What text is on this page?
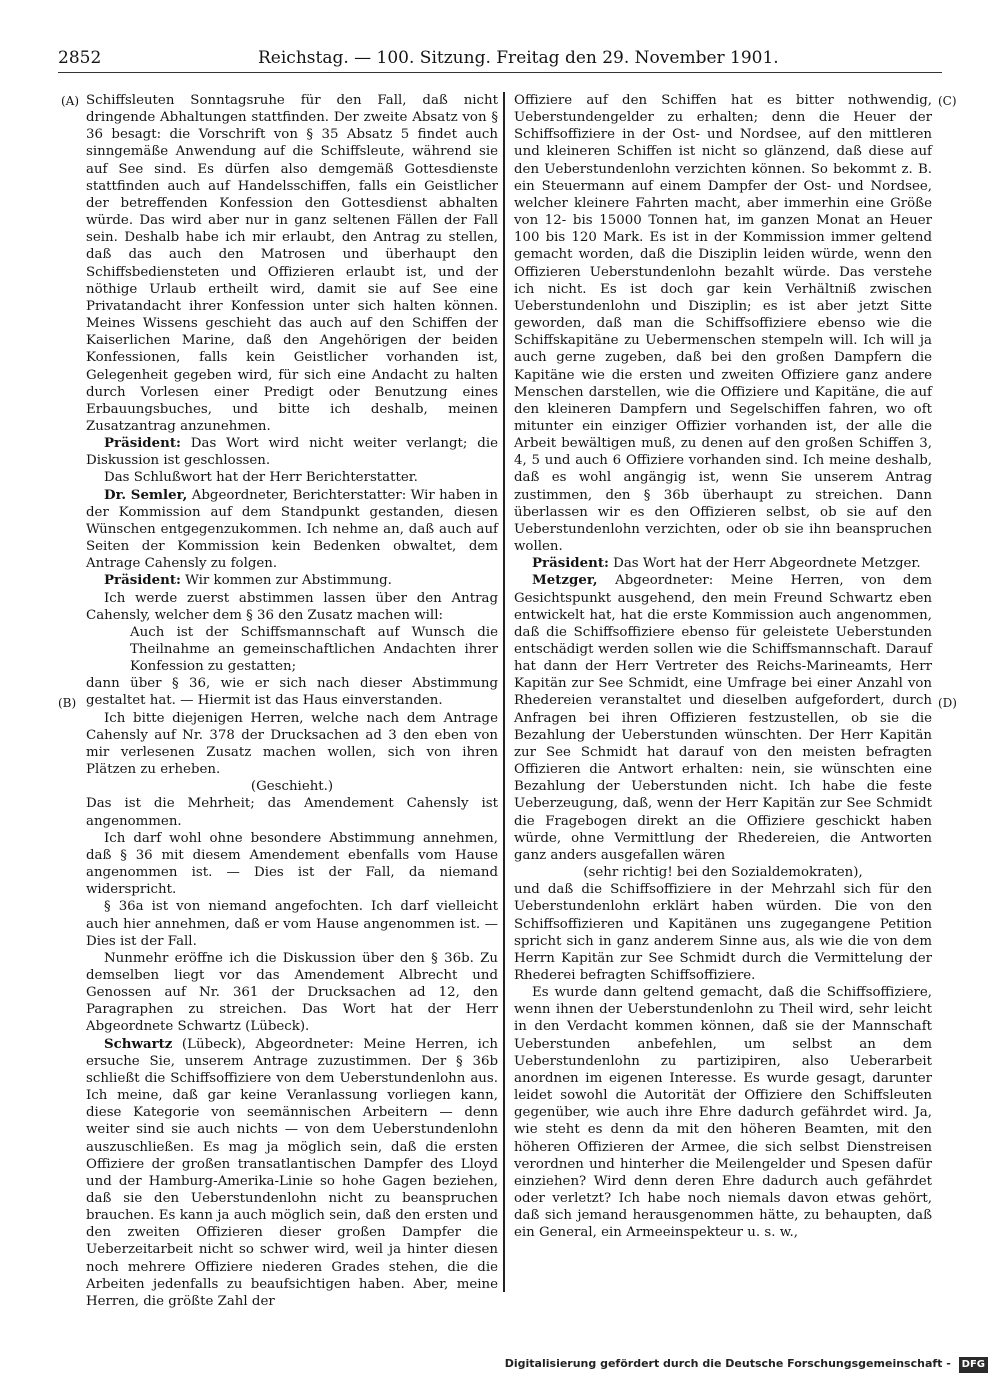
2852	Reichstag. — 100. Sitzung. Freitag den 29. November 1901.
(A)
(B)
(C)
(D)

Schiffsleuten Sonntagsruhe für den Fall, daß nicht dringende Abhaltungen stattfinden. Der zweite Absatz von § 36 besagt: die Vorschrift von § 35 Absatz 5 findet auch sinngemäße Anwendung auf die Schiffsleute, während sie auf See sind. Es dürfen also demgemäß Gottesdienste stattfinden auch auf Handelsschiffen, falls ein Geistlicher der betreffenden Konfession den Gottesdienst abhalten würde. Das wird aber nur in ganz seltenen Fällen der Fall sein. Deshalb habe ich mir erlaubt, den Antrag zu stellen, daß das auch den Matrosen und überhaupt den Schiffsbediensteten und Offizieren erlaubt ist, und der nöthige Urlaub ertheilt wird, damit sie auf See eine Privatandacht ihrer Konfession unter sich halten können. Meines Wissens geschieht das auch auf den Schiffen der Kaiserlichen Marine, daß den Angehörigen der beiden Konfessionen, falls kein Geistlicher vorhanden ist, Gelegenheit gegeben wird, für sich eine Andacht zu halten durch Vorlesen einer Predigt oder Benutzung eines Erbauungsbuches, und bitte ich deshalb, meinen Zusatzantrag anzunehmen.

Präsident: Das Wort wird nicht weiter verlangt; die Diskussion ist geschlossen.

Das Schlußwort hat der Herr Berichterstatter.

Dr. Semler, Abgeordneter, Berichterstatter: Wir haben in der Kommission auf dem Standpunkt gestanden, diesen Wünschen entgegenzukommen. Ich nehme an, daß auch auf Seiten der Kommission kein Bedenken obwaltet, dem Antrage Cahensly zu folgen.

Präsident: Wir kommen zur Abstimmung.

Ich werde zuerst abstimmen lassen über den Antrag Cahensly, welcher dem § 36 den Zusatz machen will:

Auch ist der Schiffsmannschaft auf Wunsch die Theilnahme an gemeinschaftlichen Andachten ihrer Konfession zu gestatten;

dann über § 36, wie er sich nach dieser Abstimmung gestaltet hat. — Hiermit ist das Haus einverstanden.

Ich bitte diejenigen Herren, welche nach dem Antrage Cahensly auf Nr. 378 der Drucksachen ad 3 den eben von mir verlesenen Zusatz machen wollen, sich von ihren Plätzen zu erheben.

(Geschieht.)

Das ist die Mehrheit; das Amendement Cahensly ist angenommen.

Ich darf wohl ohne besondere Abstimmung annehmen, daß § 36 mit diesem Amendement ebenfalls vom Hause angenommen ist. — Dies ist der Fall, da niemand widerspricht.

§ 36a ist von niemand angefochten. Ich darf vielleicht auch hier annehmen, daß er vom Hause angenommen ist. — Dies ist der Fall.

Nunmehr eröffne ich die Diskussion über den § 36b. Zu demselben liegt vor das Amendement Albrecht und Genossen auf Nr. 361 der Drucksachen ad 12, den Paragraphen zu streichen. Das Wort hat der Herr Abgeordnete Schwartz (Lübeck).

Schwartz (Lübeck), Abgeordneter: Meine Herren, ich ersuche Sie, unserem Antrage zuzustimmen. Der § 36b schließt die Schiffsoffiziere von dem Ueberstundenlohn aus. Ich meine, daß gar keine Veranlassung vorliegen kann, diese Kategorie von seemännischen Arbeitern — denn weiter sind sie auch nichts — von dem Ueberstundenlohn auszuschließen. Es mag ja möglich sein, daß die ersten Offiziere der großen transatlantischen Dampfer des Lloyd und der Hamburg-Amerika-Linie so hohe Gagen beziehen, daß sie den Ueberstundenlohn nicht zu beanspruchen brauchen. Es kann ja auch möglich sein, daß den ersten und den zweiten Offizieren dieser großen Dampfer die Ueberzeitarbeit nicht so schwer wird, weil ja hinter diesen noch mehrere Offiziere niederen Grades stehen, die die Arbeiten jedenfalls zu beaufsichtigen haben. Aber, meine Herren, die größte Zahl der

Offiziere auf den Schiffen hat es bitter nothwendig, Ueberstundengelder zu erhalten; denn die Heuer der Schiffsoffiziere in der Ost- und Nordsee, auf den mittleren und kleineren Schiffen ist nicht so glänzend, daß diese auf den Ueberstundenlohn verzichten können. So bekommt z. B. ein Steuermann auf einem Dampfer der Ost- und Nordsee, welcher kleinere Fahrten macht, aber immerhin eine Größe von 12- bis 15000 Tonnen hat, im ganzen Monat an Heuer 100 bis 120 Mark. Es ist in der Kommission immer geltend gemacht worden, daß die Disziplin leiden würde, wenn den Offizieren Ueberstundenlohn bezahlt würde. Das verstehe ich nicht. Es ist doch gar kein Verhältniß zwischen Ueberstundenlohn und Disziplin; es ist aber jetzt Sitte geworden, daß man die Schiffsoffiziere ebenso wie die Schiffskapitäne zu Uebermenschen stempeln will. Ich will ja auch gerne zugeben, daß bei den großen Dampfern die Kapitäne wie die ersten und zweiten Offiziere ganz andere Menschen darstellen, wie die Offiziere und Kapitäne, die auf den kleineren Dampfern und Segelschiffen fahren, wo oft mitunter ein einziger Offizier vorhanden ist, der alle die Arbeit bewältigen muß, zu denen auf den großen Schiffen 3, 4, 5 und auch 6 Offiziere vorhanden sind. Ich meine deshalb, daß es wohl angängig ist, wenn Sie unserem Antrag zustimmen, den § 36b überhaupt zu streichen. Dann überlassen wir es den Offizieren selbst, ob sie auf den Ueberstundenlohn verzichten, oder ob sie ihn beanspruchen wollen.

Präsident: Das Wort hat der Herr Abgeordnete Metzger.

Metzger, Abgeordneter: Meine Herren, von dem Gesichtspunkt ausgehend, den mein Freund Schwartz eben entwickelt hat, hat die erste Kommission auch angenommen, daß die Schiffsoffiziere ebenso für geleistete Ueberstunden entschädigt werden sollen wie die Schiffsmannschaft. Darauf hat dann der Herr Vertreter des Reichs-Marineamts, Herr Kapitän zur See Schmidt, eine Umfrage bei einer Anzahl von Rhedereien veranstaltet und dieselben aufgefordert, durch Anfragen bei ihren Offizieren festzustellen, ob sie die Bezahlung der Ueberstunden wünschten. Der Herr Kapitän zur See Schmidt hat darauf von den meisten befragten Offizieren die Antwort erhalten: nein, sie wünschten eine Bezahlung der Ueberstunden nicht. Ich habe die feste Ueberzeugung, daß, wenn der Herr Kapitän zur See Schmidt die Fragebogen direkt an die Offiziere geschickt haben würde, ohne Vermittlung der Rhedereien, die Antworten ganz anders ausgefallen wären

(sehr richtig! bei den Sozialdemokraten),

und daß die Schiffsoffiziere in der Mehrzahl sich für den Ueberstundenlohn erklärt haben würden. Die von den Schiffsoffizieren und Kapitänen uns zugegangene Petition spricht sich in ganz anderem Sinne aus, als wie die von dem Herrn Kapitän zur See Schmidt durch die Vermittelung der Rhederei befragten Schiffsoffiziere.

Es wurde dann geltend gemacht, daß die Schiffsoffiziere, wenn ihnen der Ueberstundenlohn zu Theil wird, sehr leicht in den Verdacht kommen können, daß sie der Mannschaft Ueberstunden anbefehlen, um selbst an dem Ueberstundenlohn zu partizipiren, also Ueberarbeit anordnen im eigenen Interesse. Es wurde gesagt, darunter leidet sowohl die Autorität der Offiziere den Schiffsleuten gegenüber, wie auch ihre Ehre dadurch gefährdet wird. Ja, wie steht es denn da mit den höheren Beamten, mit den höheren Offizieren der Armee, die sich selbst Dienstreisen verordnen und hinterher die Meilengelder und Spesen dafür einziehen? Wird denn deren Ehre dadurch auch gefährdet oder verletzt? Ich habe noch niemals davon etwas gehört, daß sich jemand herausgenommen hätte, zu behaupten, daß ein General, ein Armeeinspekteur u. s. w.,

Digitalisierung gefördert durch die Deutsche Forschungsgemeinschaft - DFG
